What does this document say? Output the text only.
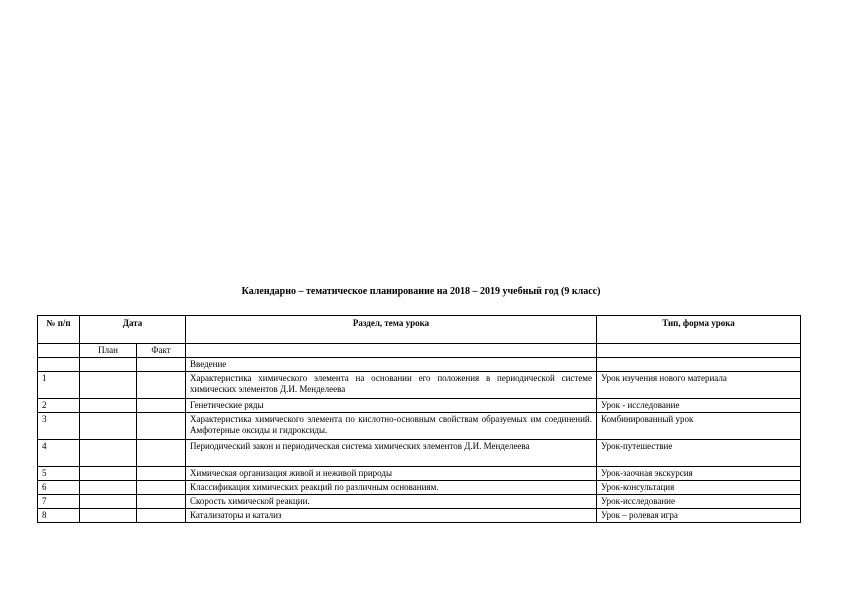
Календарно – тематическое планирование на 2018 – 2019 учебный год (9 класс)
№ п/п	Дата		Раздел, тема урока	Тип, форма урока
	План	Факт		
			Введение	
1			Характеристика химического элемента на основании его положения в периодической системе химических элементов Д.И. Менделеева	Урок изучения нового материала
2			Генетические ряды	Урок - исследование
3			Характеристика химического элемента по кислотно-основным свойствам образуемых им соединений. Амфотерные оксиды и гидроксиды.	Комбинированный урок
4			Периодический закон и периодическая система химических элементов Д.И. Менделеева	Урок-путешествие
5			Химическая организация живой и неживой природы	Урок-заочная экскурсия
6			Классификация химических реакций по различным основаниям.	Урок-консультация
7			Скорость химической реакции.	Урок-исследование
8			Катализаторы и катализ	Урок – ролевая игра
